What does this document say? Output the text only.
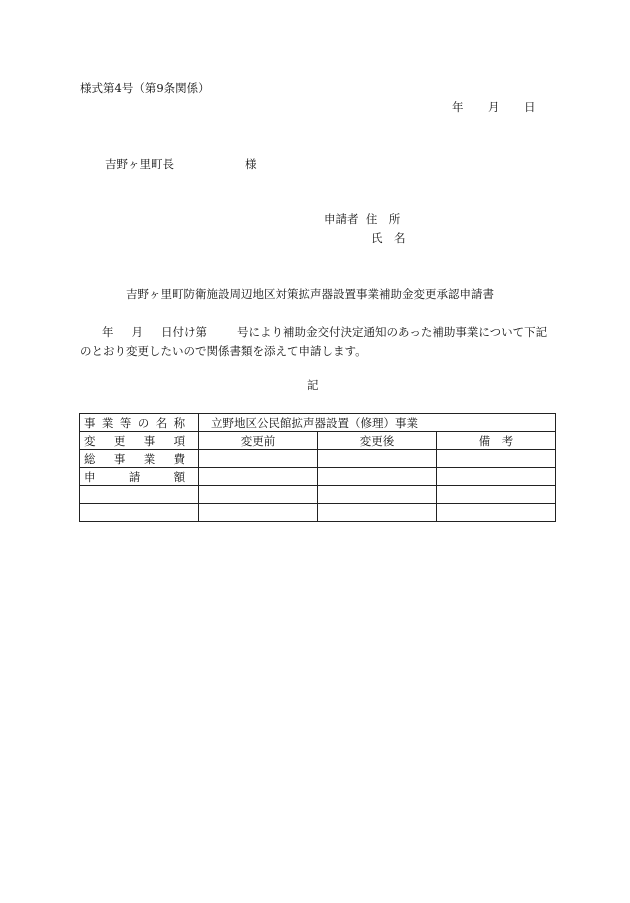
様式第4号（第9条関係）
年 月 日
吉野ヶ里町長	様
申請者 住　所
氏　名
吉野ヶ里町防衛施設周辺地区対策拡声器設置事業補助金変更承認申請書
年 月 日付け第	号により補助金交付決定通知のあった補助事業について下記のとおり変更したいので関係書類を添えて申請します。
記
事業等の名称	立野地区公民館拡声器設置（修理）事業		
変更事項	変更前	変更後	備　考
総事業費			
申請額			
